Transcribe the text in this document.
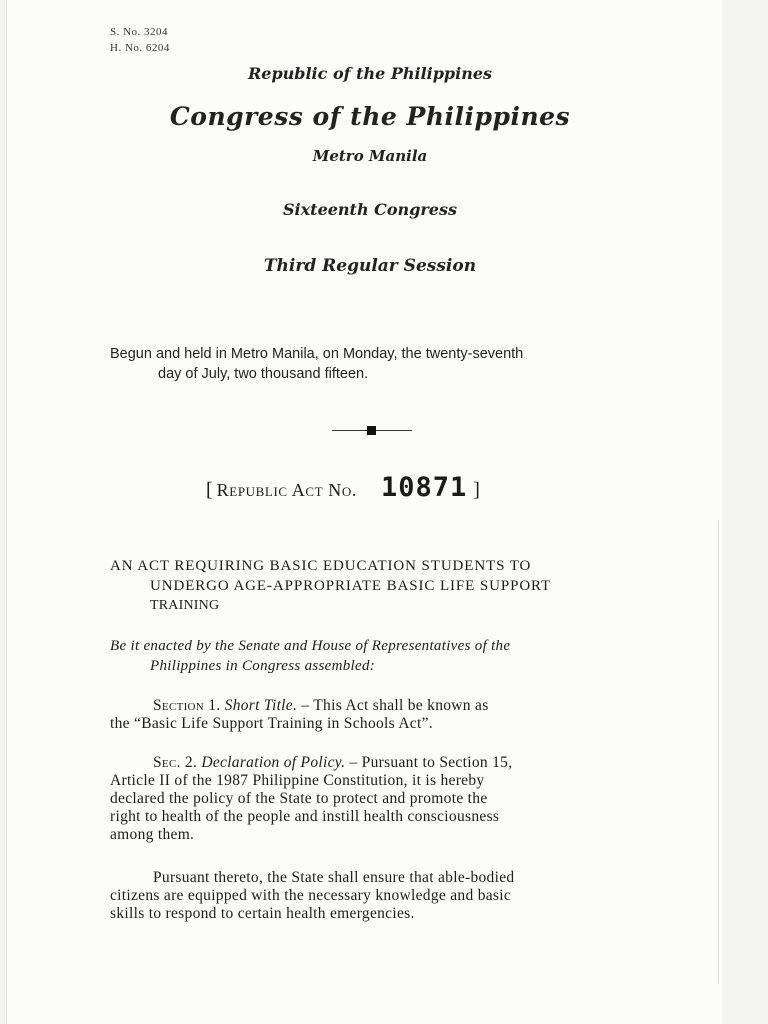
S. No. 3204
H. No. 6204
Republic of the Philippines
Congress of the Philippines
Metro Manila
Sixteenth Congress
Third Regular Session
Begun and held in Metro Manila, on Monday, the twenty-seventh
day of July, two thousand fifteen.
[ Republic Act No. 10871 ]
AN ACT REQUIRING BASIC EDUCATION STUDENTS TO
UNDERGO AGE-APPROPRIATE BASIC LIFE SUPPORT
TRAINING
Be it enacted by the Senate and House of Representatives of the
Philippines in Congress assembled:
Section 1. Short Title. – This Act shall be known as
the “Basic Life Support Training in Schools Act”.
Sec. 2. Declaration of Policy. – Pursuant to Section 15,
Article II of the 1987 Philippine Constitution, it is hereby
declared the policy of the State to protect and promote the
right to health of the people and instill health consciousness
among them.
Pursuant thereto, the State shall ensure that able-bodied
citizens are equipped with the necessary knowledge and basic
skills to respond to certain health emergencies.
